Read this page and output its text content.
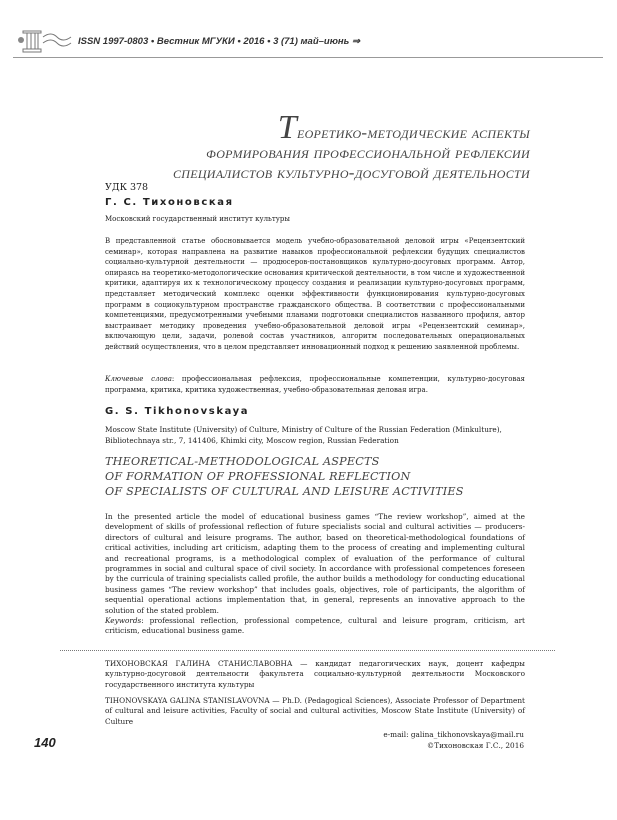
ISSN 1997-0803 • Вестник МГУКИ • 2016 • 3 (71) май–июнь ⇒
Теоретико-методические аспекты
формирования профессиональной рефлексии
специалистов культурно-досуговой деятельности
УДК 378
Г. С. Тихоновская
Московский государственный институт культуры
В представленной статье обосновывается модель учебно-образовательной деловой игры «Рецензентский семинар», которая направлена на развитие навыков профессиональной рефлексии будущих специалистов социально-культурной деятельности — продюсеров-постановщиков культурно-досуговых программ. Автор, опираясь на теоретико-методологические основания критической деятельности, в том числе и художественной критики, адаптируя их к технологическому процессу создания и реализации культурно-досуговых программ, представляет методический комплекс оценки эффективности функционирования культурно-досуговых программ в социокультурном пространстве гражданского общества. В соответствии с профессиональными компетенциями, предусмотренными учебными планами подготовки специалистов названного профиля, автор выстраивает методику проведения учебно-образовательной деловой игры «Рецензентский семинар», включающую цели, задачи, ролевой состав участников, алгоритм последовательных операциональных действий осуществления, что в целом представляет инновационный подход к решению заявленной проблемы.
Ключевые слова: профессиональная рефлексия, профессиональные компетенции, культурно-досуговая программа, критика, критика художественная, учебно-образовательная деловая игра.
G. S. Tikhonovskaya
Moscow State Institute (University) of Culture, Ministry of Culture of the Russian Federation (Minkulture), Bibliotechnaya str., 7, 141406, Khimki city, Moscow region, Russian Federation
THEORETICAL-METHODOLOGICAL ASPECTS
OF FORMATION OF PROFESSIONAL REFLECTION
OF SPECIALISTS OF CULTURAL AND LEISURE ACTIVITIES
In the presented article the model of educational business games “The review workshop”, aimed at the development of skills of professional reflection of future specialists social and cultural activities — producers-directors of cultural and leisure programs. The author, based on theoretical-methodological foundations of critical activities, including art criticism, adapting them to the process of creating and implementing cultural and recreational programs, is a methodological complex of evaluation of the performance of cultural programmes in social and cultural space of civil society. In accordance with professional competences foreseen by the curricula of training specialists called profile, the author builds a methodology for conducting educational business games “The review workshop” that includes goals, objectives, role of participants, the algorithm of sequential operational actions implementation that, in general, represents an innovative approach to the solution of the stated problem.
Keywords: professional reflection, professional competence, cultural and leisure program, criticism, art criticism, educational business game.
ТИХОНОВСКАЯ ГАЛИНА СТАНИСЛАВОВНА — кандидат педагогических наук, доцент кафедры культурно-досуговой деятельности факультета социально-культурной деятельности Московского государственного института культуры
TIHONOVSKAYA GALINA STANISLAVOVNA — Ph.D. (Pedagogical Sciences), Associate Professor of Department of cultural and leisure activities, Faculty of social and cultural activities, Moscow State Institute (University) of Culture
140
e-mail: galina_tikhonovskaya@mail.ru
©Тихоновская Г.С., 2016
